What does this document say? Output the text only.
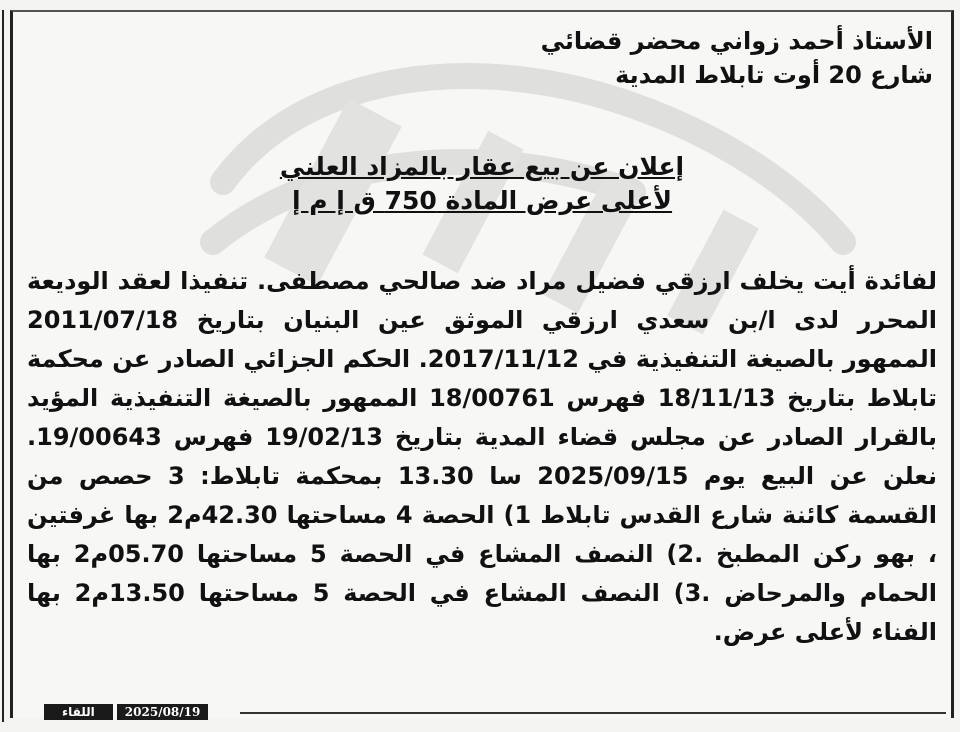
الأستاذ أحمد زواني محضر قضائي

شارع 20 أوت تابلاط المدية

إعلان عن بيع عقار بالمزاد العلني

لأعلى عرض المادة 750 ق إ م إ

لفائدة أيت يخلف ارزقي فضيل مراد ضد صالحي مصطفى. تنفيذا لعقد الوديعة المحرر لدى ا/بن سعدي ارزقي الموثق عين البنيان بتاريخ 2011/07/18 الممهور بالصيغة التنفيذية في 2017/11/12. الحكم الجزائي الصادر عن محكمة تابلاط بتاريخ 18/11/13 فهرس 18/00761 الممهور بالصيغة التنفيذية المؤيد بالقرار الصادر عن مجلس قضاء المدية بتاريخ 19/02/13 فهرس 19/00643. نعلن عن البيع يوم 2025/09/15 سا 13.30 بمحكمة تابلاط: 3 حصص من القسمة كائنة شارع القدس تابلاط 1) الحصة 4 مساحتها 42.30م2 بها غرفتين ، بهو ركن المطبخ .2) النصف المشاع في الحصة 5 مساحتها 05.70م2 بها الحمام والمرحاض .3) النصف المشاع في الحصة 5 مساحتها 13.50م2 بها الفناء لأعلى عرض.
اللقاء	2025/08/19
